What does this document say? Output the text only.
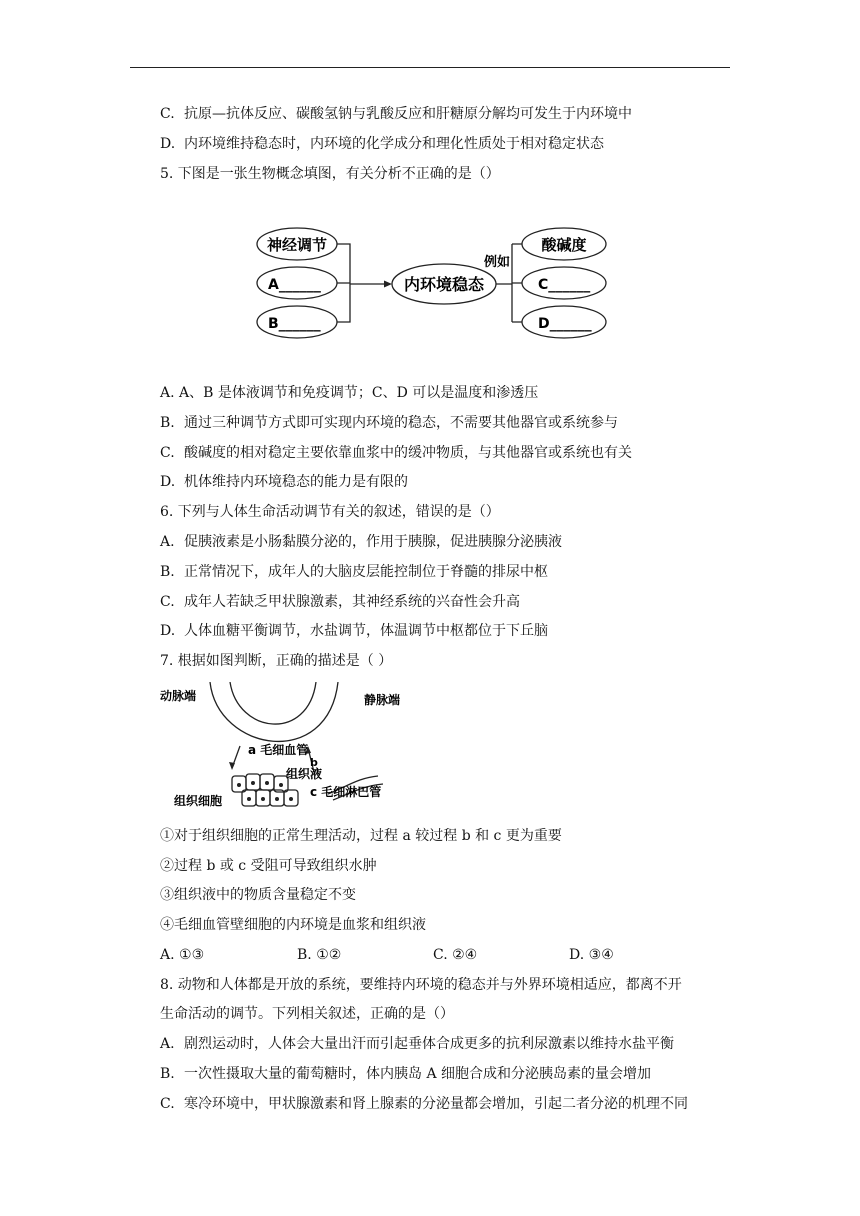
C. 抗原—抗体反应、碳酸氢钠与乳酸反应和肝糖原分解均可发生于内环境中
D. 内环境维持稳态时，内环境的化学成分和理化性质处于相对稳定状态
5. 下图是一张生物概念填图，有关分析不正确的是（）
神经调节
A______
B______
内环境稳态
例如
酸碱度
C______
D______
A. A、B 是体液调节和免疫调节；C、D 可以是温度和渗透压
B. 通过三种调节方式即可实现内环境的稳态，不需要其他器官或系统参与
C. 酸碱度的相对稳定主要依靠血浆中的缓冲物质，与其他器官或系统也有关
D. 机体维持内环境稳态的能力是有限的
6. 下列与人体生命活动调节有关的叙述，错误的是（）
A. 促胰液素是小肠黏膜分泌的，作用于胰腺，促进胰腺分泌胰液
B. 正常情况下，成年人的大脑皮层能控制位于脊髓的排尿中枢
C. 成年人若缺乏甲状腺激素，其神经系统的兴奋性会升高
D. 人体血糖平衡调节，水盐调节，体温调节中枢都位于下丘脑
7. 根据如图判断，正确的描述是（ ）
动脉端	静脉端
a 毛细血管
b
组织液
c 毛细淋巴管
组织细胞
①对于组织细胞的正常生理活动，过程 a 较过程 b 和 c 更为重要
②过程 b 或 c 受阻可导致组织水肿
③组织液中的物质含量稳定不变
④毛细血管壁细胞的内环境是血浆和组织液
A. ①③	B. ①②	C. ②④	D. ③④
8. 动物和人体都是开放的系统，要维持内环境的稳态并与外界环境相适应，都离不开
生命活动的调节。下列相关叙述，正确的是（）
A. 剧烈运动时，人体会大量出汗而引起垂体合成更多的抗利尿激素以维持水盐平衡
B. 一次性摄取大量的葡萄糖时，体内胰岛 A 细胞合成和分泌胰岛素的量会增加
C. 寒冷环境中，甲状腺激素和肾上腺素的分泌量都会增加，引起二者分泌的机理不同
